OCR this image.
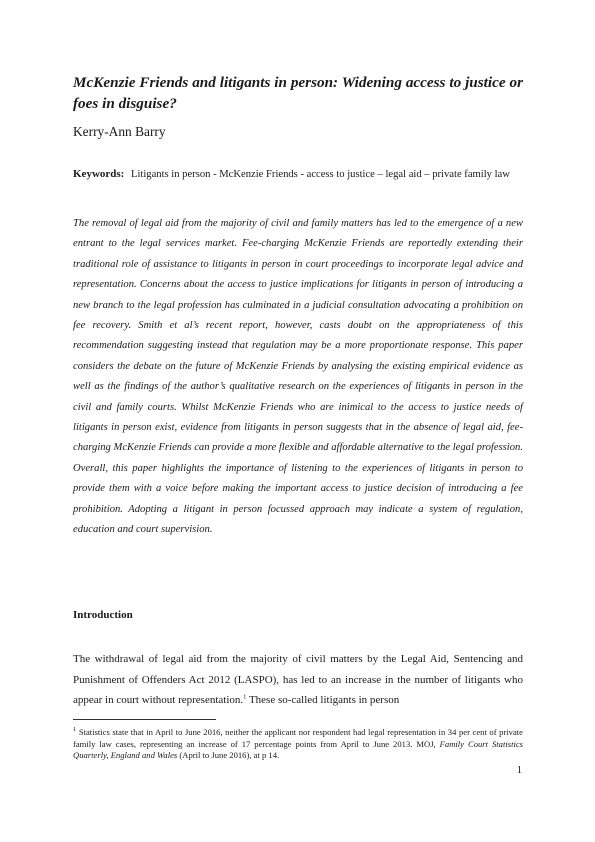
McKenzie Friends and litigants in person: Widening access to justice or foes in disguise?

Kerry-Ann Barry

Keywords: Litigants in person - McKenzie Friends - access to justice – legal aid – private family law

The removal of legal aid from the majority of civil and family matters has led to the emergence of a new entrant to the legal services market. Fee-charging McKenzie Friends are reportedly extending their traditional role of assistance to litigants in person in court proceedings to incorporate legal advice and representation. Concerns about the access to justice implications for litigants in person of introducing a new branch to the legal profession has culminated in a judicial consultation advocating a prohibition on fee recovery. Smith et al’s recent report, however, casts doubt on the appropriateness of this recommendation suggesting instead that regulation may be a more proportionate response. This paper considers the debate on the future of McKenzie Friends by analysing the existing empirical evidence as well as the findings of the author’s qualitative research on the experiences of litigants in person in the civil and family courts. Whilst McKenzie Friends who are inimical to the access to justice needs of litigants in person exist, evidence from litigants in person suggests that in the absence of legal aid, fee-charging McKenzie Friends can provide a more flexible and affordable alternative to the legal profession. Overall, this paper highlights the importance of listening to the experiences of litigants in person to provide them with a voice before making the important access to justice decision of introducing a fee prohibition. Adopting a litigant in person focussed approach may indicate a system of regulation, education and court supervision.

Introduction

The withdrawal of legal aid from the majority of civil matters by the Legal Aid, Sentencing and Punishment of Offenders Act 2012 (LASPO), has led to an increase in the number of litigants who appear in court without representation.$^1$ These so-called litigants in person

$^1$ Statistics state that in April to June 2016, neither the applicant nor respondent had legal representation in 34 per cent of private family law cases, representing an increase of 17 percentage points from April to June 2013. MOJ, Family Court Statistics Quarterly, England and Wales (April to June 2016), at p 14.

1
